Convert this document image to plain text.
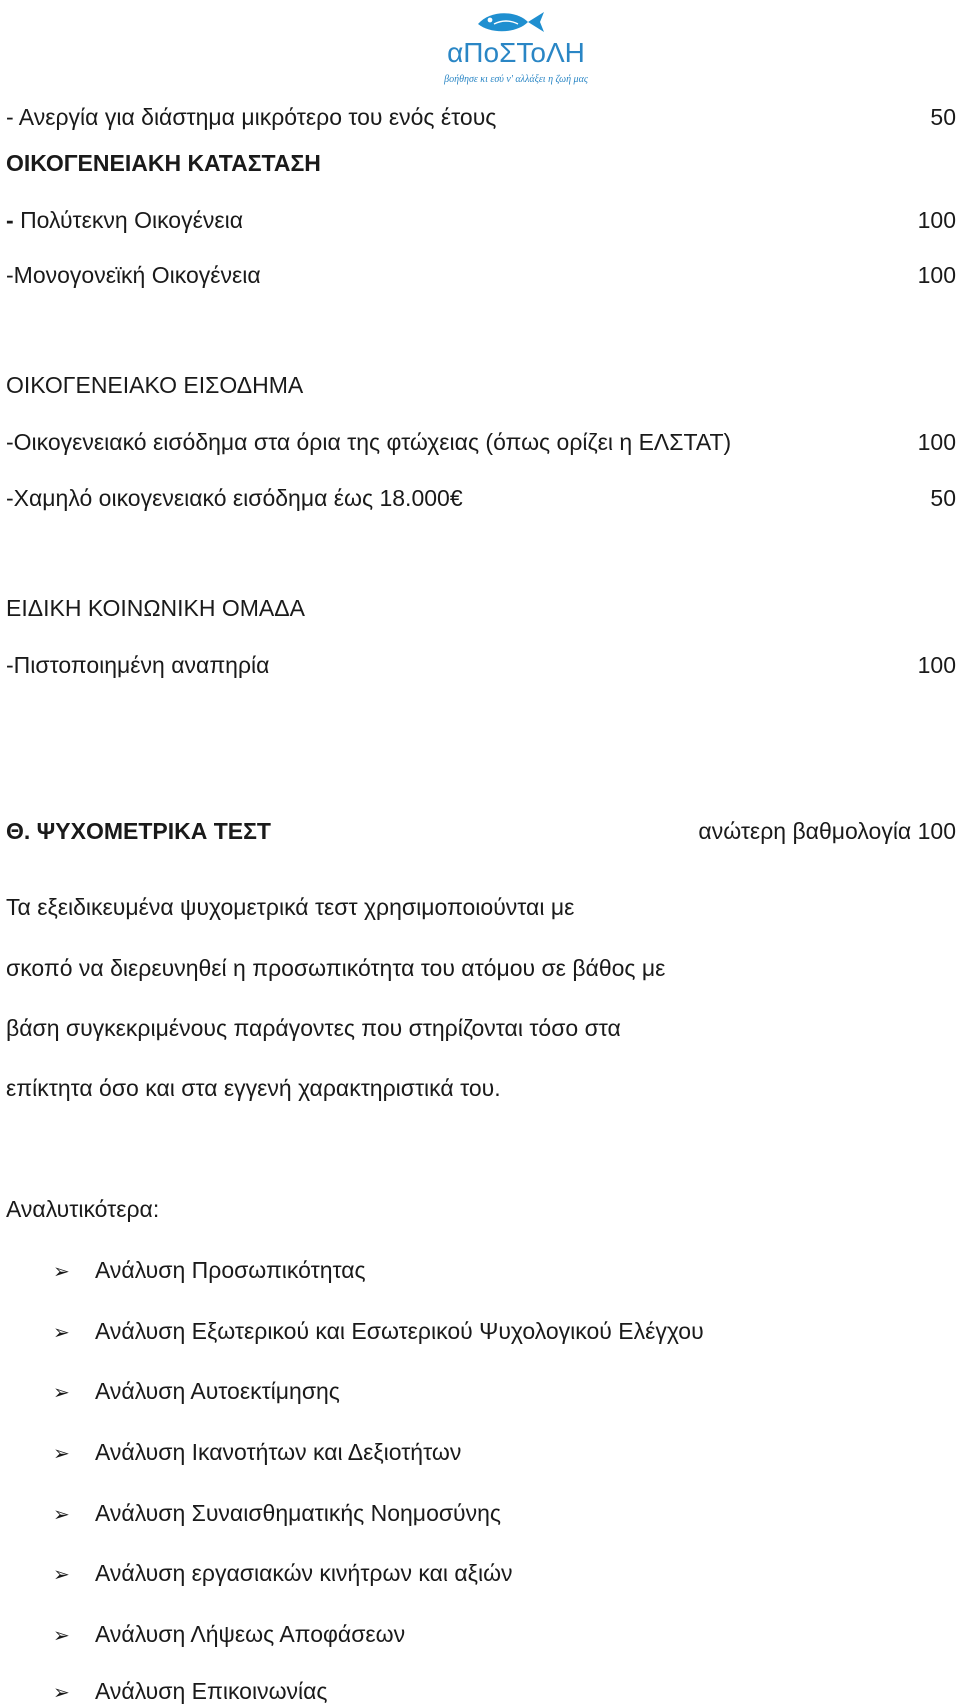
αΠοΣΤοΛΗ
βοήθησε κι εσύ ν' αλλάξει η ζωή μας
- Ανεργία για διάστημα μικρότερο του ενός έτους	50
ΟΙΚΟΓΕΝΕΙΑΚΗ ΚΑΤΑΣΤΑΣΗ
- Πολύτεκνη Οικογένεια	100
-Μονογονεϊκή Οικογένεια	100
ΟΙΚΟΓΕΝΕΙΑΚΟ ΕΙΣΟΔΗΜΑ
-Οικογενειακό εισόδημα στα όρια της φτώχειας (όπως ορίζει η ΕΛΣΤΑΤ)	100
-Χαμηλό οικογενειακό εισόδημα έως 18.000€	50
ΕΙΔΙΚΗ ΚΟΙΝΩΝΙΚΗ ΟΜΑΔΑ
-Πιστοποιημένη αναπηρία	100
Θ. ΨΥΧΟΜΕΤΡΙΚΑ ΤΕΣΤ	ανώτερη βαθμολογία 100
Τα εξειδικευμένα ψυχομετρικά τεστ χρησιμοποιούνται με
σκοπό να διερευνηθεί η προσωπικότητα του ατόμου σε βάθος με
βάση συγκεκριμένους παράγοντες που στηρίζονται τόσο στα
επίκτητα όσο και στα εγγενή χαρακτηριστικά του.
Αναλυτικότερα:
➢ Ανάλυση Προσωπικότητας
➢ Ανάλυση Εξωτερικού και Εσωτερικού Ψυχολογικού Ελέγχου
➢ Ανάλυση Αυτοεκτίμησης
➢ Ανάλυση Ικανοτήτων και Δεξιοτήτων
➢ Ανάλυση Συναισθηματικής Νοημοσύνης
➢ Ανάλυση εργασιακών κινήτρων και αξιών
➢ Ανάλυση Λήψεως Αποφάσεων
➢ Ανάλυση Επικοινωνίας
